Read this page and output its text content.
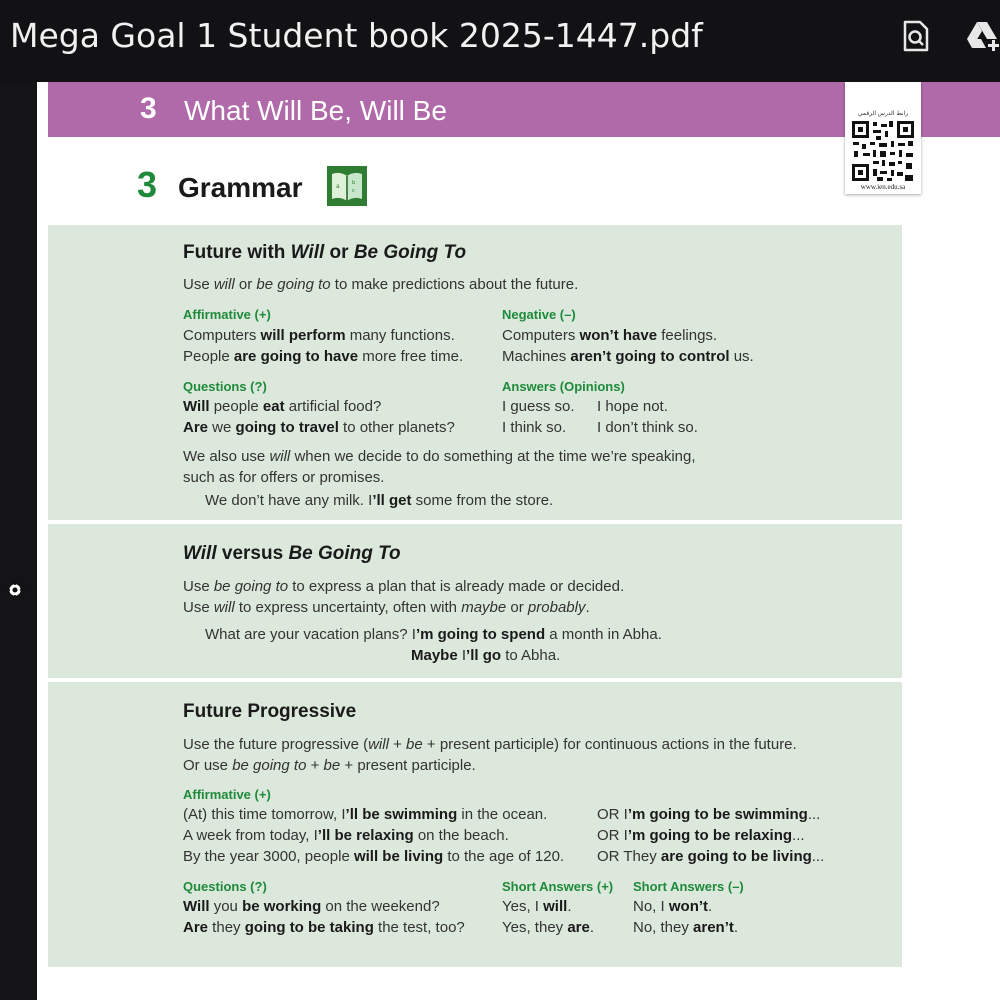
Mega Goal 1 Student book 2025-1447.pdf
3 What Will Be, Will Be	رابط الدرس الرقمي
www.ien.edu.sa
3 Grammar	a b
c
Future with Will or Be Going To
Use will or be going to to make predictions about the future.
Affirmative (+)
Computers will perform many functions.
People are going to have more free time.
Negative (–)
Computers won’t have feelings.
Machines aren’t going to control us.
Questions (?)
Will people eat artificial food?
Are we going to travel to other planets?
Answers (Opinions)
I guess so. I hope not.
I think so. I don’t think so.
We also use will when we decide to do something at the time we’re speaking,
such as for offers or promises.
We don’t have any milk. I’ll get some from the store.
Will versus Be Going To
Use be going to to express a plan that is already made or decided.
Use will to express uncertainty, often with maybe or probably.
What are your vacation plans? I’m going to spend a month in Abha.
Maybe I’ll go to Abha.
Future Progressive
Use the future progressive (will + be + present participle) for continuous actions in the future.
Or use be going to + be + present participle.
Affirmative (+)
(At) this time tomorrow, I’ll be swimming in the ocean.
A week from today, I’ll be relaxing on the beach.
By the year 3000, people will be living to the age of 120.
OR I’m going to be swimming...
OR I’m going to be relaxing...
OR They are going to be living...
Questions (?)
Will you be working on the weekend?
Are they going to be taking the test, too?
Short Answers (+) Short Answers (–)
Yes, I will.
Yes, they are.
No, I won’t.
No, they aren’t.
